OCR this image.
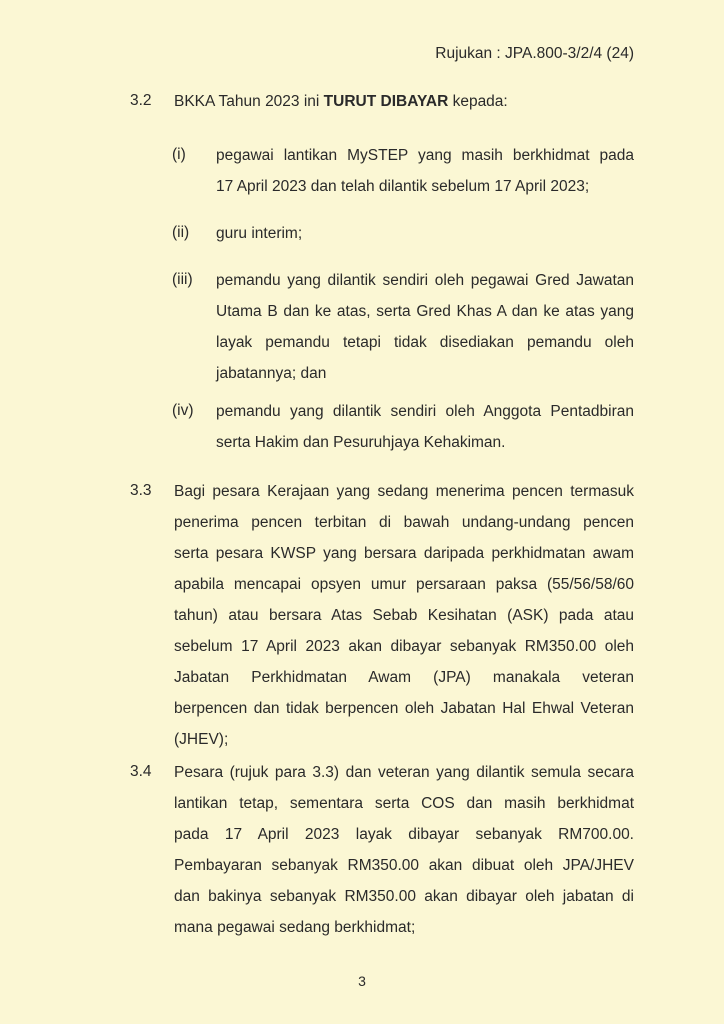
Rujukan : JPA.800-3/2/4 (24)
3.2 BKKA Tahun 2023 ini TURUT DIBAYAR kepada:
(i) pegawai lantikan MySTEP yang masih berkhidmat pada
17 April 2023 dan telah dilantik sebelum 17 April 2023;
(ii) guru interim;
(iii) pemandu yang dilantik sendiri oleh pegawai Gred Jawatan
Utama B dan ke atas, serta Gred Khas A dan ke atas yang
layak pemandu tetapi tidak disediakan pemandu oleh
jabatannya; dan
(iv) pemandu yang dilantik sendiri oleh Anggota Pentadbiran
serta Hakim dan Pesuruhjaya Kehakiman.
3.3 Bagi pesara Kerajaan yang sedang menerima pencen termasuk
penerima pencen terbitan di bawah undang-undang pencen
serta pesara KWSP yang bersara daripada perkhidmatan awam
apabila mencapai opsyen umur persaraan paksa (55/56/58/60
tahun) atau bersara Atas Sebab Kesihatan (ASK) pada atau
sebelum 17 April 2023 akan dibayar sebanyak RM350.00 oleh
Jabatan Perkhidmatan Awam (JPA) manakala veteran
berpencen dan tidak berpencen oleh Jabatan Hal Ehwal Veteran
(JHEV);
3.4 Pesara (rujuk para 3.3) dan veteran yang dilantik semula secara
lantikan tetap, sementara serta COS dan masih berkhidmat
pada 17 April 2023 layak dibayar sebanyak RM700.00.
Pembayaran sebanyak RM350.00 akan dibuat oleh JPA/JHEV
dan bakinya sebanyak RM350.00 akan dibayar oleh jabatan di
mana pegawai sedang berkhidmat;
3
